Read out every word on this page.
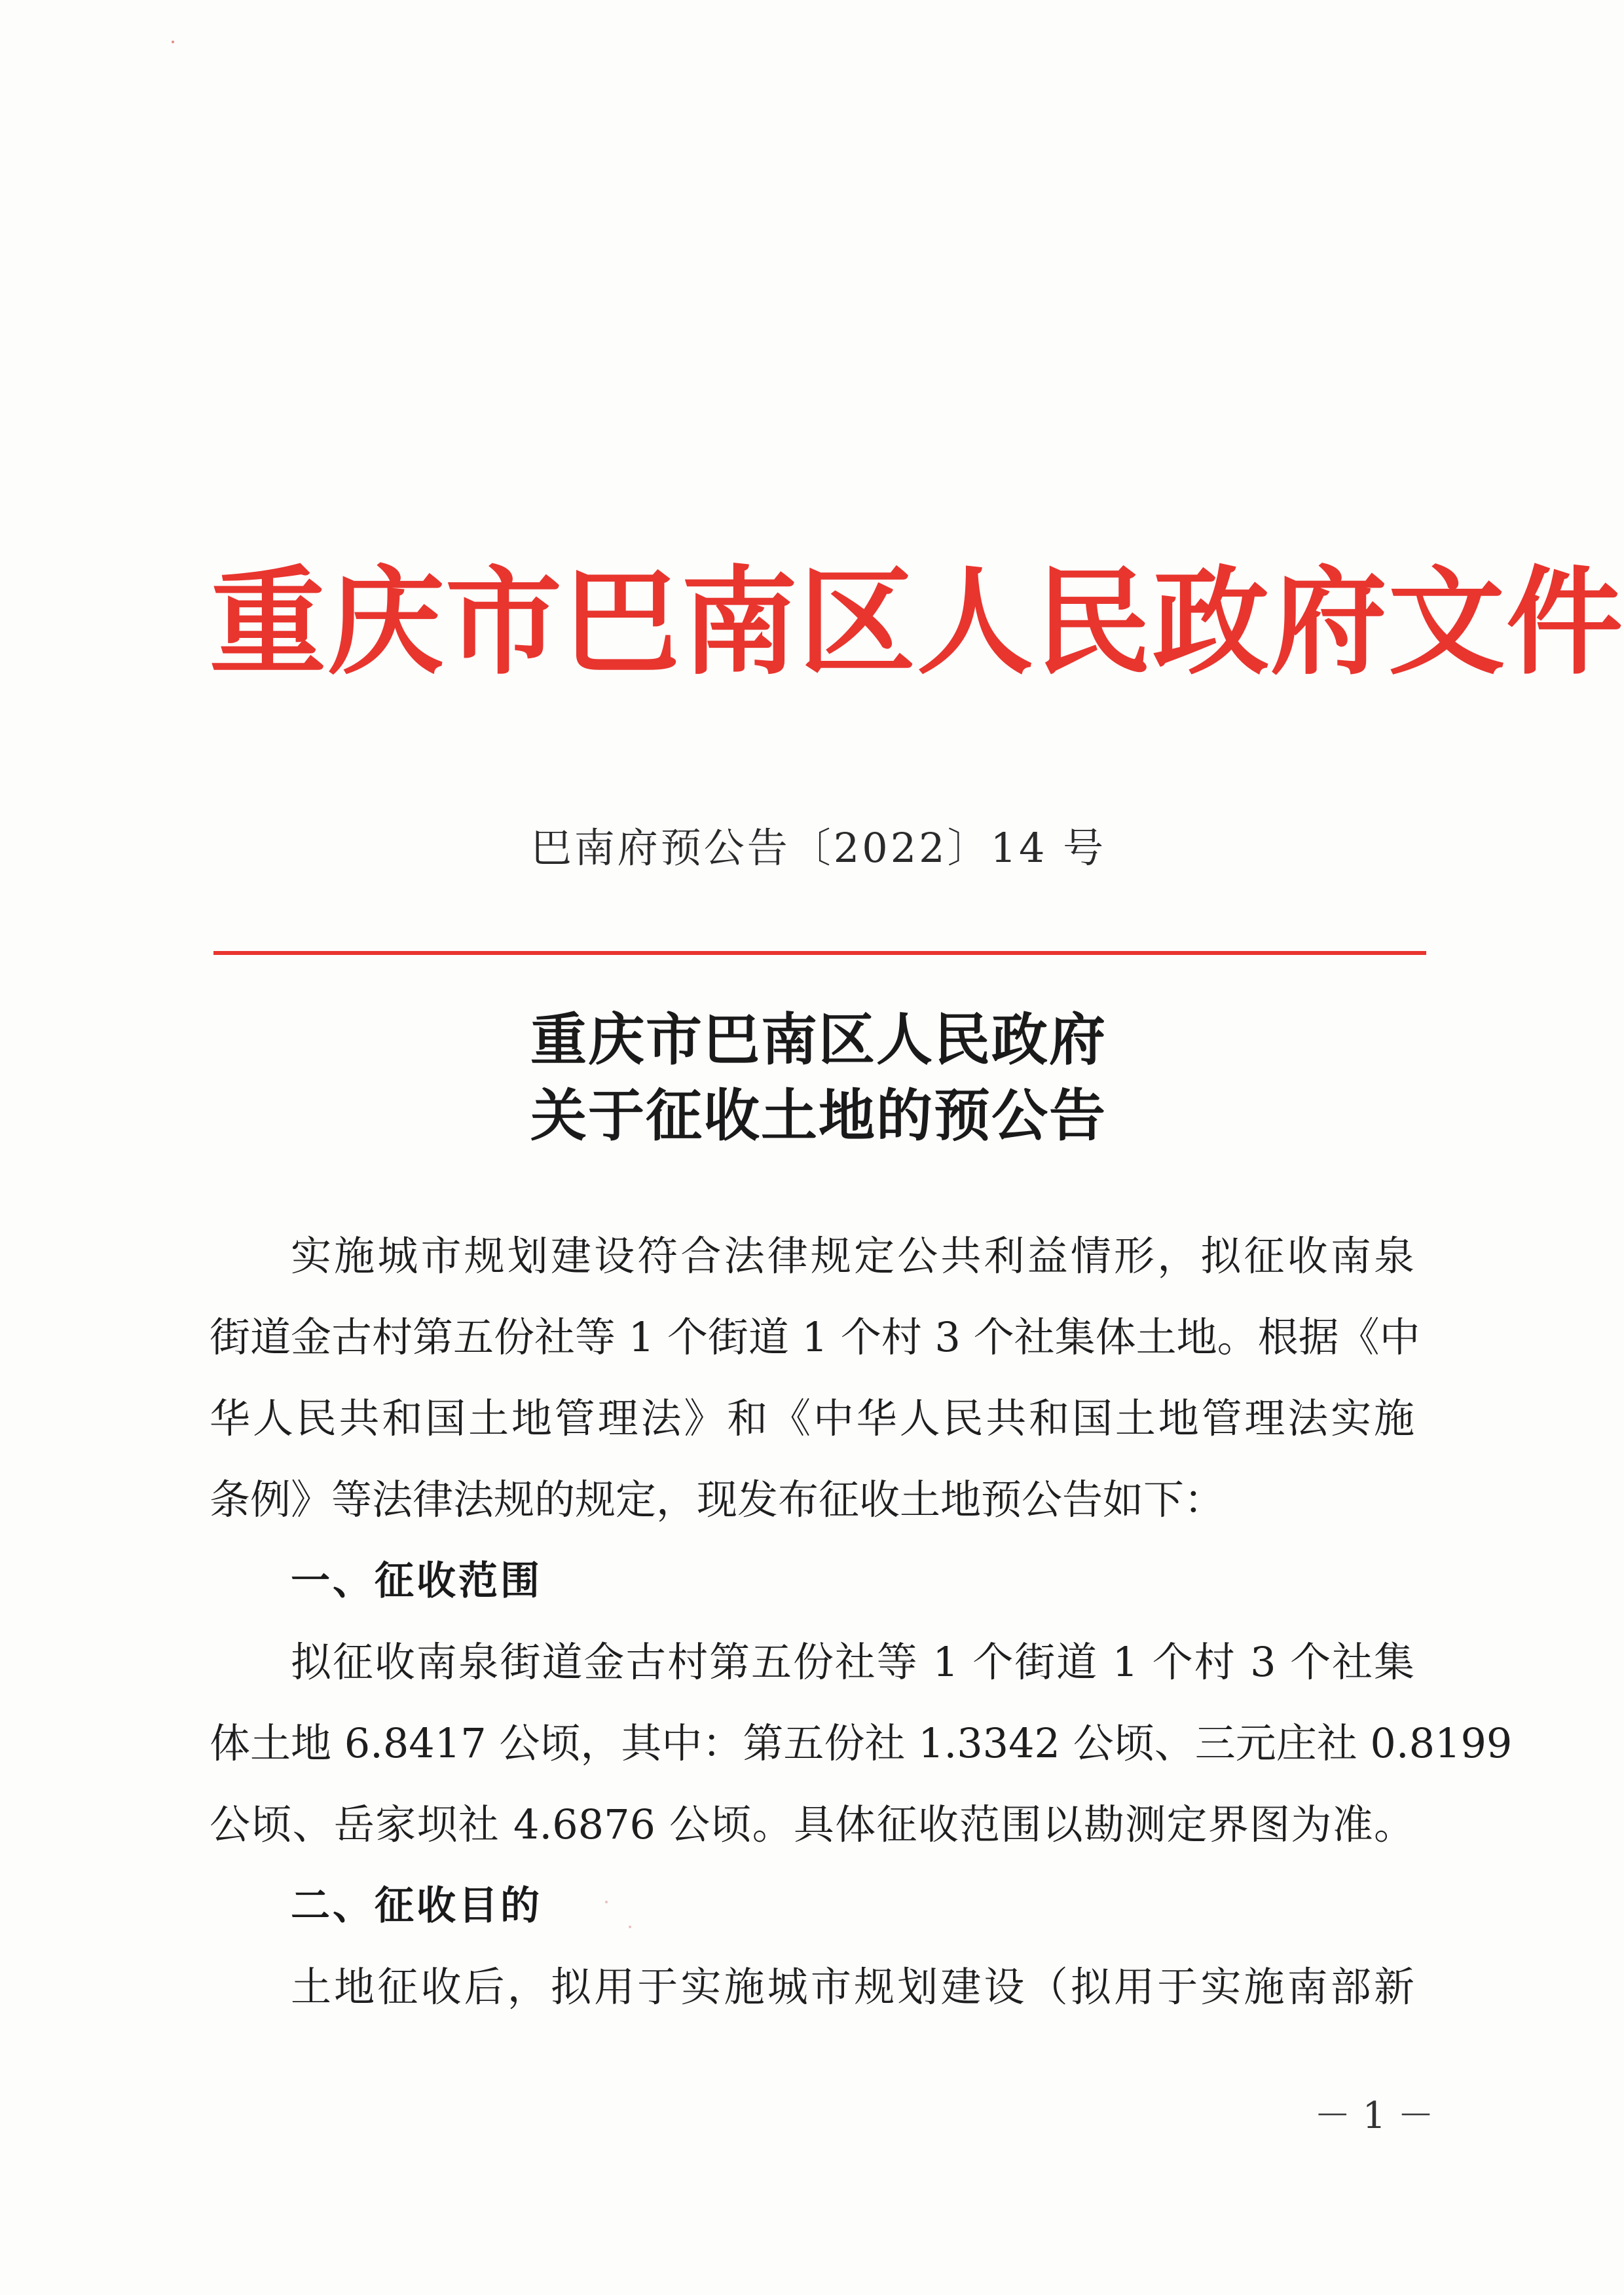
重庆市巴南区人民政府文件
巴南府预公告〔2022〕14 号
重庆市巴南区人民政府
关于征收土地的预公告
实施城市规划建设符合法律规定公共利益情形，拟征收南泉
街道金古村第五份社等 1 个街道 1 个村 3 个社集体土地。根据《中
华人民共和国土地管理法》和《中华人民共和国土地管理法实施
条例》等法律法规的规定，现发布征收土地预公告如下：
一、征收范围
拟征收南泉街道金古村第五份社等 1 个街道 1 个村 3 个社集
体土地 6.8417 公顷，其中：第五份社 1.3342 公顷、三元庄社 0.8199
公顷、岳家坝社 4.6876 公顷。具体征收范围以勘测定界图为准。
二、征收目的
土地征收后，拟用于实施城市规划建设（拟用于实施南部新
－ 1 －
